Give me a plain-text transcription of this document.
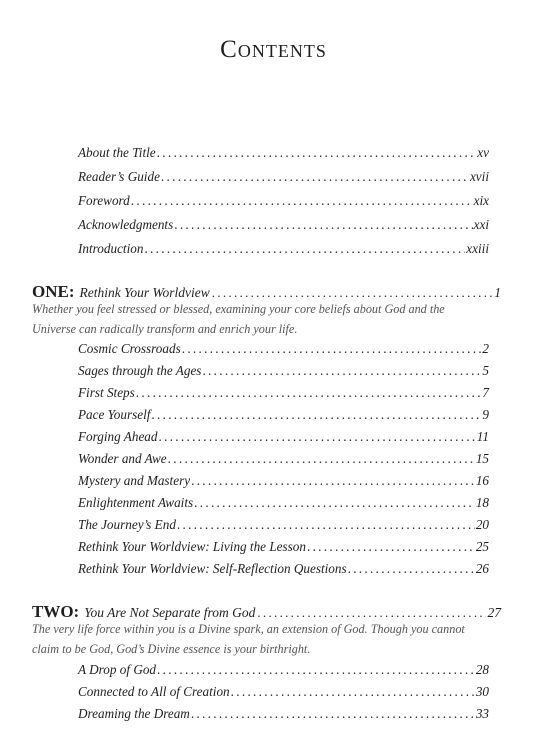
Contents
About the Title .....	xv
Reader’s Guide .....	xvii
Foreword .....	xix
Acknowledgments .....	xxi
Introduction .....	xxiii
ONE: Rethink Your Worldview .....	1
Whether you feel stressed or blessed, examining your core beliefs about God and the Universe can radically transform and enrich your life.
Cosmic Crossroads .....	2
Sages through the Ages .....	5
First Steps .....	7
Pace Yourself .....	9
Forging Ahead .....	11
Wonder and Awe .....	15
Mystery and Mastery .....	16
Enlightenment Awaits .....	18
The Journey’s End .....	20
Rethink Your Worldview: Living the Lesson .....	25
Rethink Your Worldview: Self-Reflection Questions .....	26
TWO: You Are Not Separate from God .....	27
The very life force within you is a Divine spark, an extension of God. Though you cannot claim to be God, God’s Divine essence is your birthright.
A Drop of God .....	28
Connected to All of Creation .....	30
Dreaming the Dream .....	33
